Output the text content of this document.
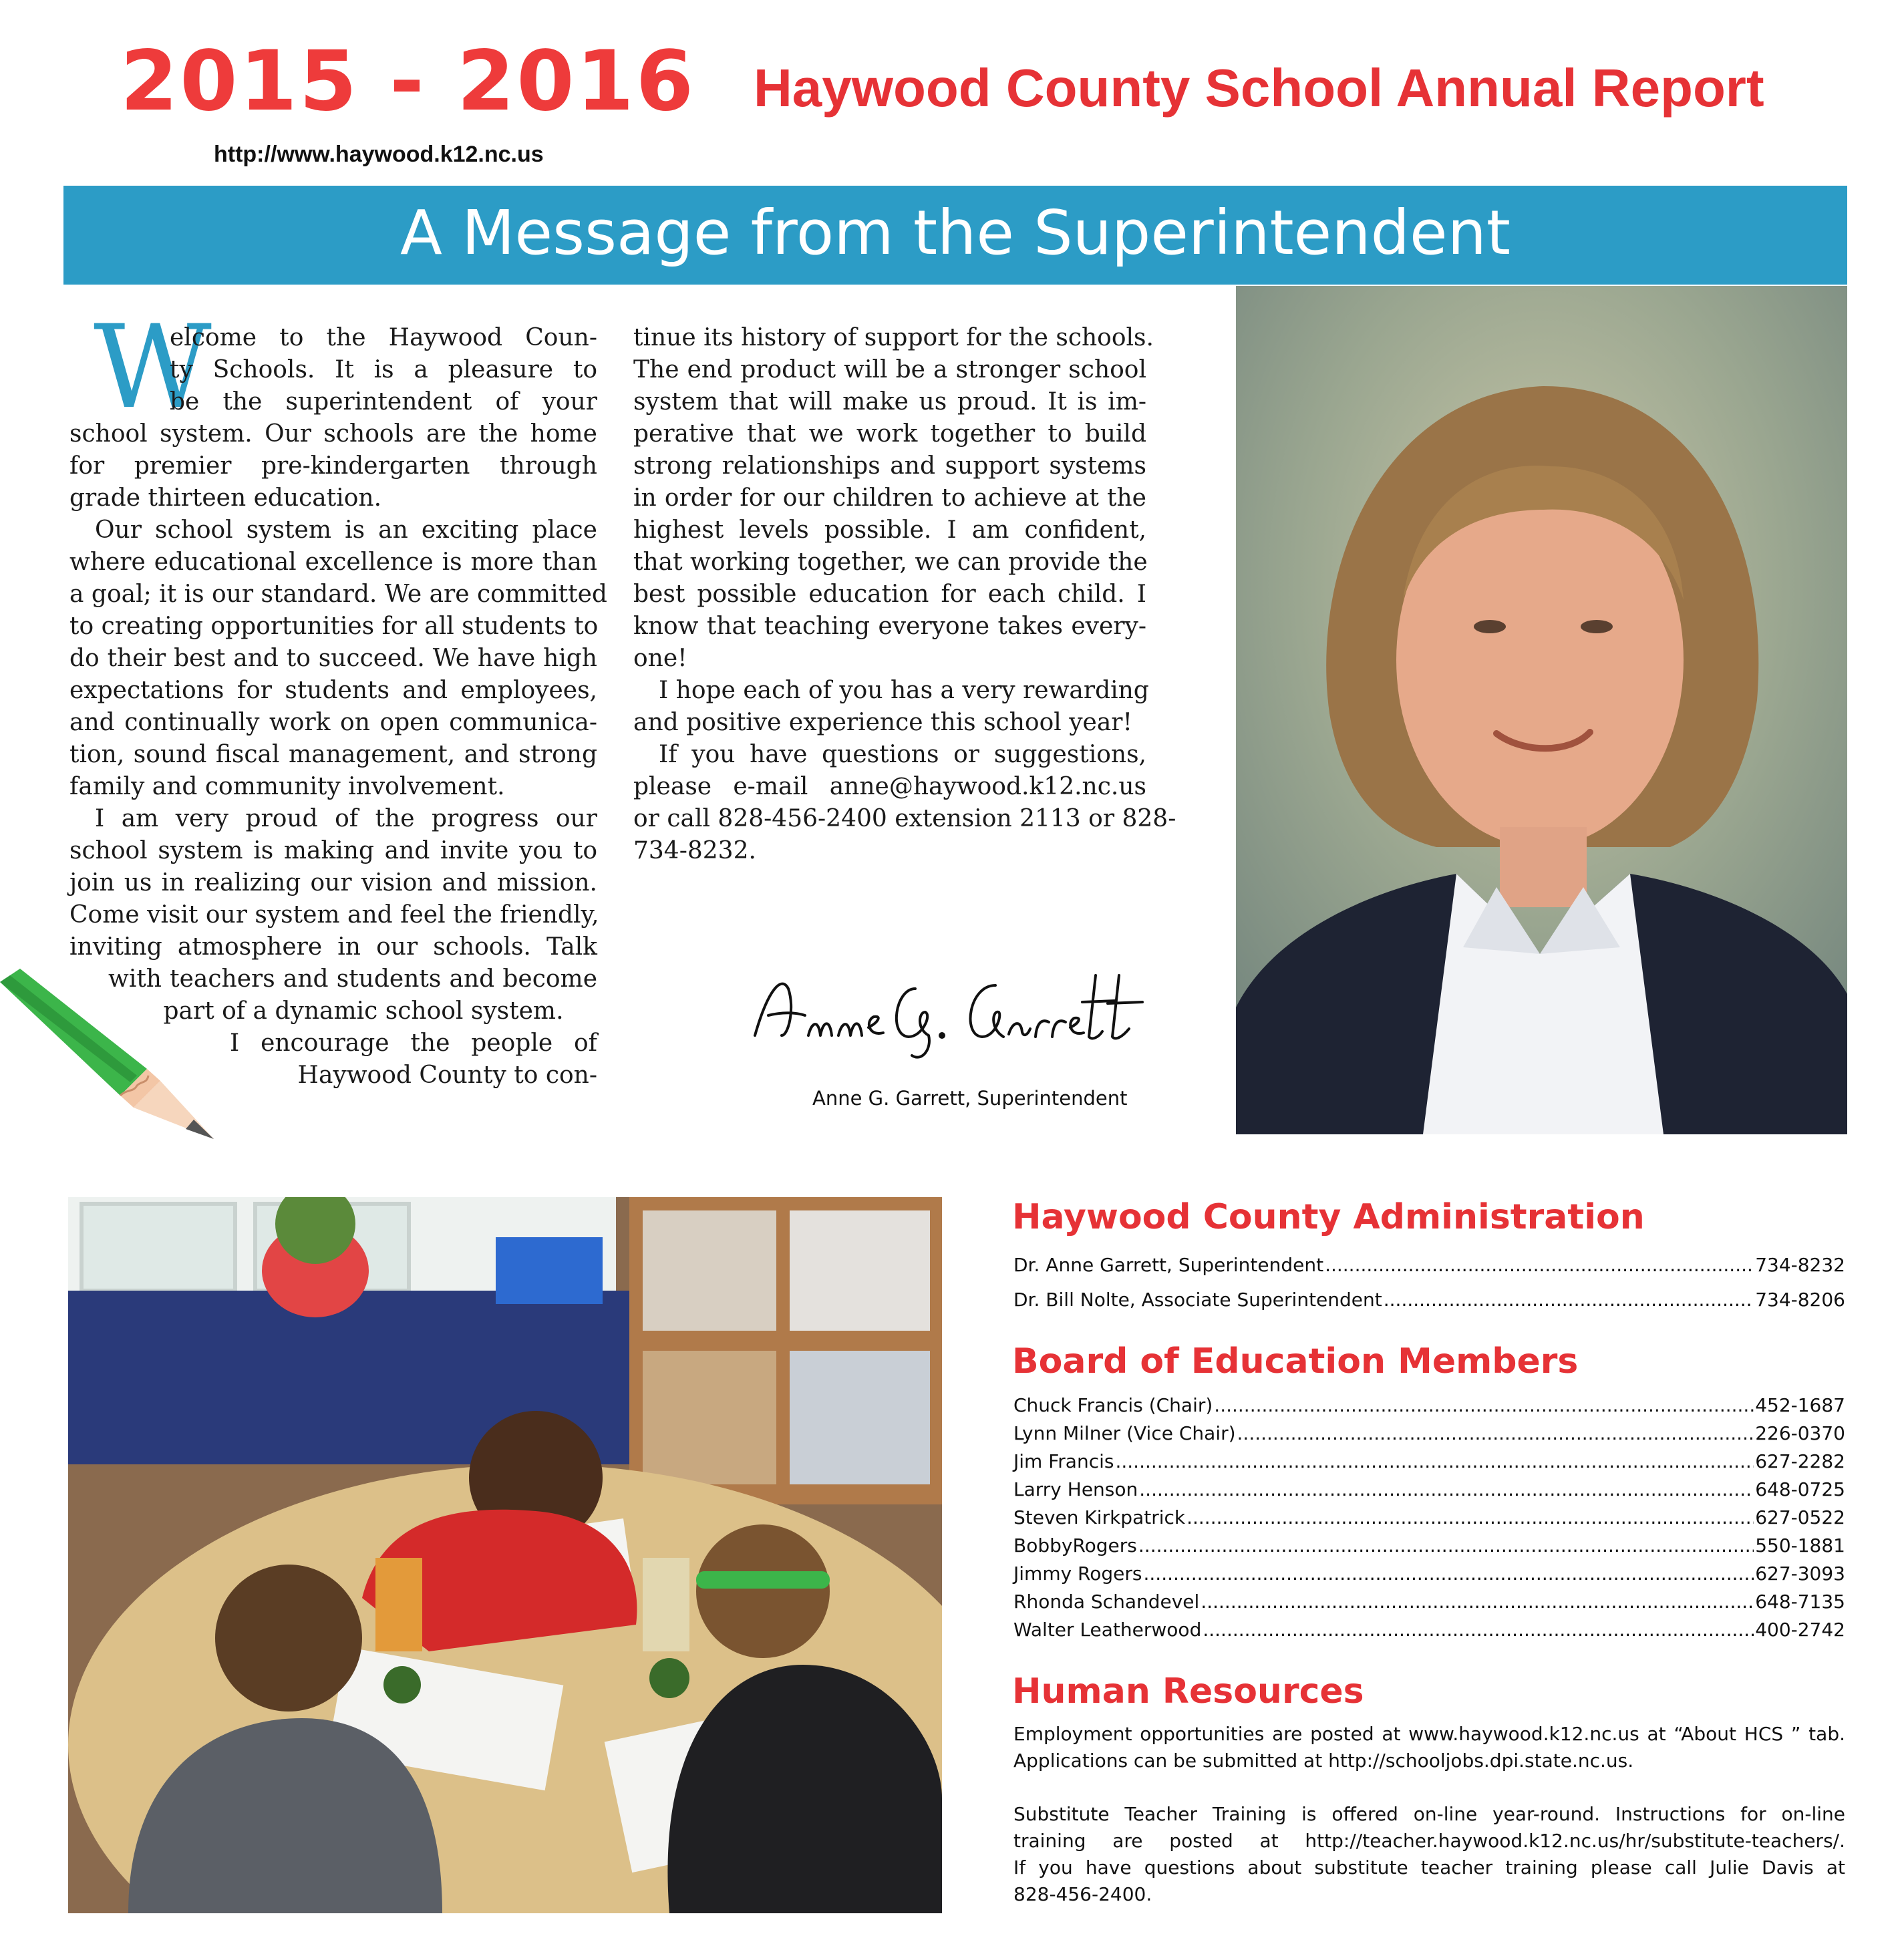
2015 - 2016 Haywood County School Annual Report
http://www.haywood.k12.nc.us
A Message from the Superintendent
W

elcome to the Haywood Coun-

ty Schools. It is a pleasure to

be the superintendent of your

school system. Our schools are the home

for premier pre-kindergarten through

grade thirteen education.

Our school system is an exciting place

where educational excellence is more than

a goal; it is our standard. We are committed

to creating opportunities for all students to

do their best and to succeed. We have high

expectations for students and employees,

and continually work on open communica-

tion, sound fiscal management, and strong

family and community involvement.

I am very proud of the progress our

school system is making and invite you to

join us in realizing our vision and mission.

Come visit our system and feel the friendly,

inviting atmosphere in our schools. Talk

with teachers and students and become

part of a dynamic school system.

I encourage the people of

Haywood County to con-

tinue its history of support for the schools.

The end product will be a stronger school

system that will make us proud. It is im-

perative that we work together to build

strong relationships and support systems

in order for our children to achieve at the

highest levels possible. I am confident,

that working together, we can provide the

best possible education for each child. I

know that teaching everyone takes every-

one!

I hope each of you has a very rewarding

and positive experience this school year!

If you have questions or suggestions,

please e-mail anne@haywood.k12.nc.us

or call 828-456-2400 extension 2113 or 828-

734-8232.

Anne G. Garrett, Superintendent
Haywood County Administration
Dr. Anne Garrett, Superintendent .....	734-8232
Dr. Bill Nolte, Associate Superintendent .....	734-8206
Board of Education Members
Chuck Francis (Chair) .....	452-1687
Lynn Milner (Vice Chair) .....	226-0370
Jim Francis .....	627-2282
Larry Henson .....	648-0725
Steven Kirkpatrick .....	627-0522
BobbyRogers .....	550-1881
Jimmy Rogers .....	627-3093
Rhonda Schandevel .....	648-7135
Walter Leatherwood .....	400-2742
Human Resources

Employment opportunities are posted at www.haywood.k12.nc.us at “About HCS ” tab.

Applications can be submitted at http://schooljobs.dpi.state.nc.us.

Substitute Teacher Training is offered on-line year-round. Instructions for on-line

training are posted at http://teacher.haywood.k12.nc.us/hr/substitute-teachers/.

If you have questions about substitute teacher training please call Julie Davis at

828-456-2400.
